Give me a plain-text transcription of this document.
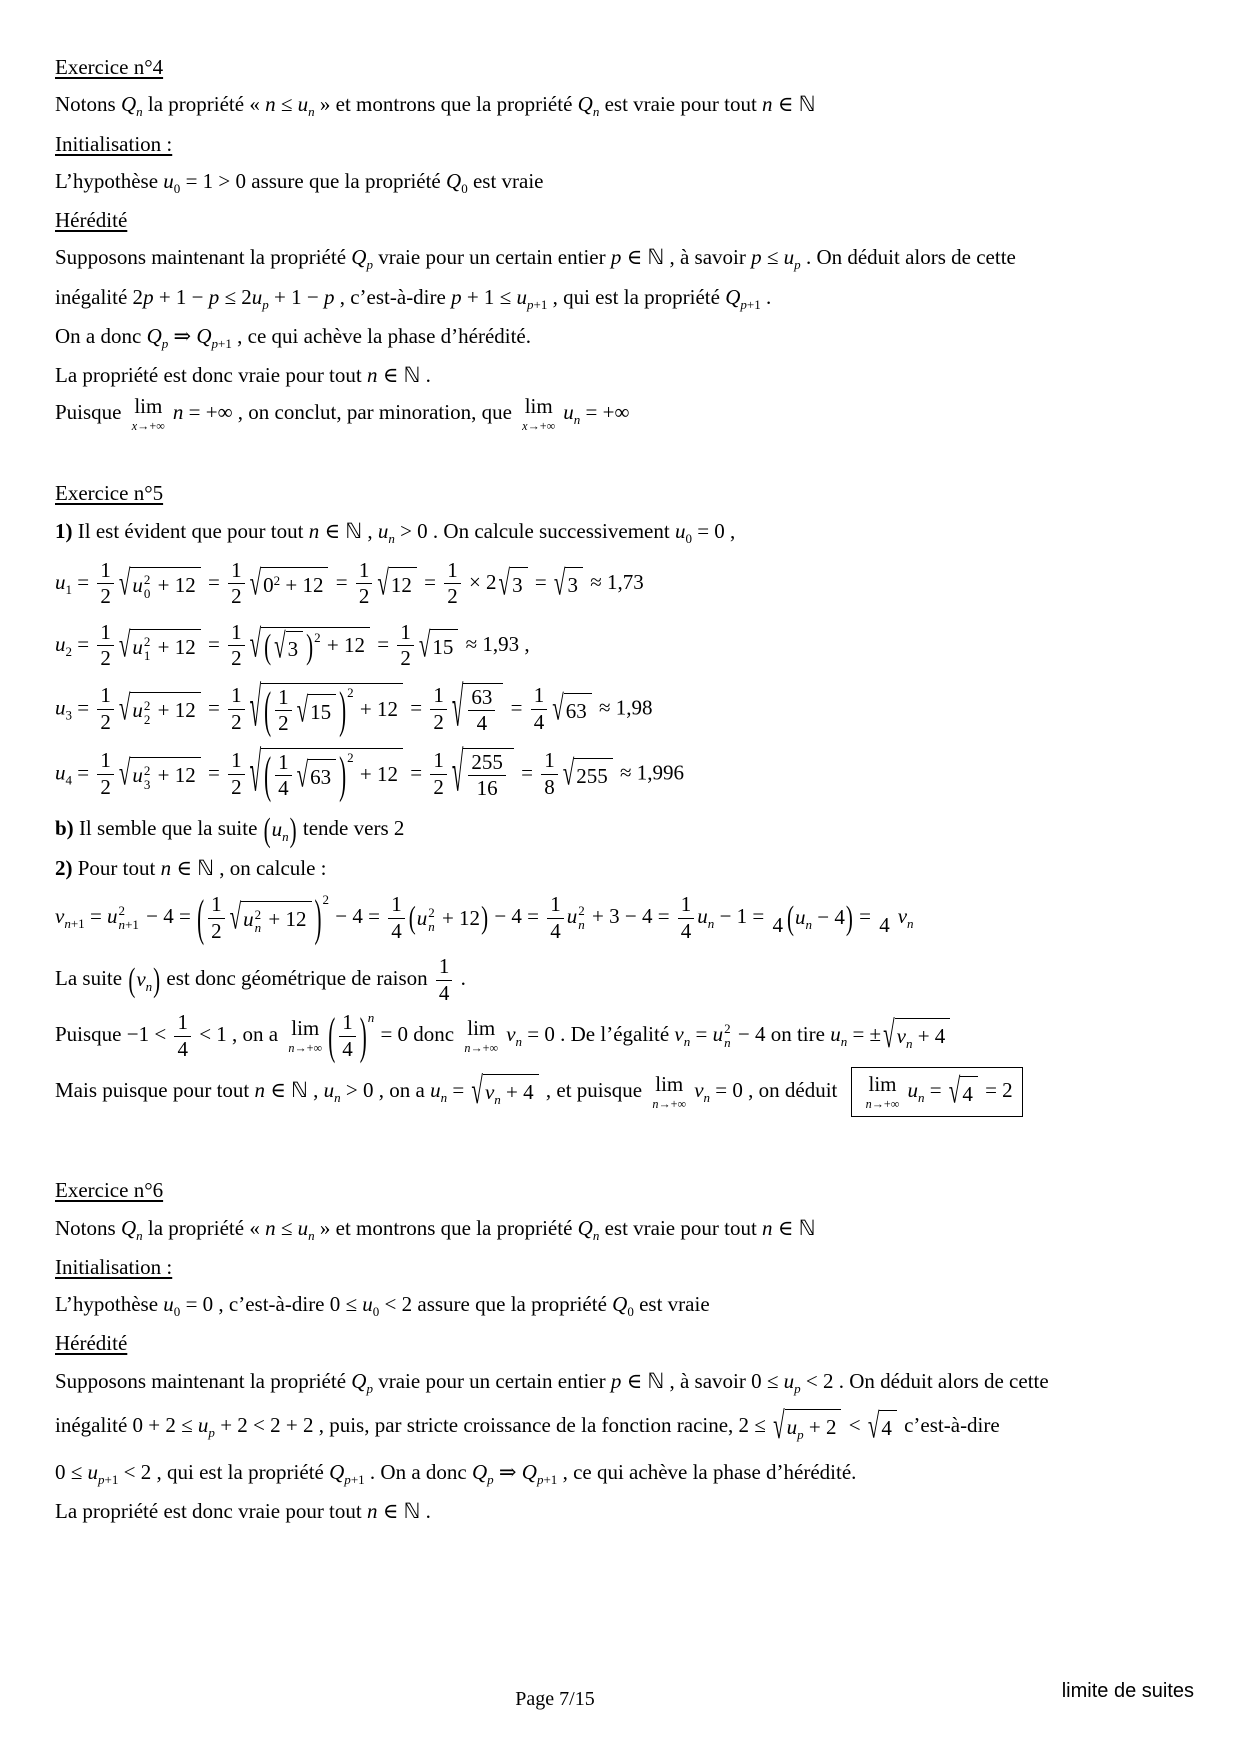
Exercice n°4
Notons $Q_n$ la propriété « $n \le u_n$ » et montrons que la propriété $Q_n$ est vraie pour tout n ∈ ℕ
Initialisation :
L’hypothèse $u_0 = 1 > 0$ assure que la propriété $Q_0$ est vraie
Hérédité
Supposons maintenant la propriété $Q_p$ vraie pour un certain entier p ∈ ℕ , à savoir $p \le u_p$ . On déduit alors de cette
inégalité $2p + 1 - p \le 2u_p + 1 - p$ , c’est-à-dire $p + 1 \le u_{p+1}$ , qui est la propriété $Q_{p+1}$ .
On a donc $Q_p$ ⇒ $Q_{p+1}$ , ce qui achève la phase d’hérédité.
La propriété est donc vraie pour tout n ∈ ℕ .
Puisque lim
x→+∞
n = +∞ , on conclut, par minoration, que lim
x→+∞
$u_n$ = +∞
Exercice n°5
1) Il est évident que pour tout n ∈ ℕ , $u_n > 0$ . On calcule successivement $u_0 = 0$ ,
$u_1 = \frac{1}{2}$ √ u 2
$0 + 12 = \frac{1}{2}$ √ $0^2 + 12 = \frac{1}{2}$ √ $12 = \frac{1}{2} \times 2$ √ 3 = √ 3 ≈ 1,73
$u_2 = \frac{1}{2}$ √ u 2
$1 + 12 = \frac{1}{2}$ √ ( √ 3 ) $2 + 12 = \frac{1}{2}$ √ 15 ≈ 1,93 ,
$u_3 = \frac{1}{2}$ √ u 2
$2 + 12 = \frac{1}{2}$ √ ( $\frac{1}{2}$ √ 15 ) 2
+ $12 = \frac{1}{2}$ √ $\frac{63}{4} = \frac{1}{4}$ √ 63 ≈ 1,98
$u_4 = \frac{1}{2}$ √ u 2
$3 + 12 = \frac{1}{2}$ √ ( $\frac{1}{4}$ √ 63 ) 2
+ $12 = \frac{1}{2}$ √ $\frac{255}{16} = \frac{1}{8}$ √ 255 ≈ 1,996
b) Il semble que la suite ( $u_n$ ) tende vers 2
2) Pour tout n ∈ ℕ , on calcule :
$v_{n+1} = u$ 2
n+1 − 4 = ( $\frac{1}{2}$ √ u 2
n + 12 ) 2
− $4 = \frac{1}{4}$ ( u 2
n + 12 ) − $4 = \frac{1}{4}$ u 2
$n + 3 - 4 = \frac{1}{4} u_n - 1 = 4$ ( $u_n - 4$ ) = 4 $v_n$
La suite ( $v_n$ ) est donc géométrique de raison $\frac{1}{4}$ .
Puisque $-1 < \frac{1}{4} < 1$ , on a lim
n→+∞ ( $\frac{1}{4}$ ) n
= 0 donc lim
n→+∞
$v_n = 0$ . De l’égalité $v_n = u$ 2
n − 4 on tire $u_n$ = ± √ $v_n + 4$
Mais puisque pour tout n ∈ ℕ , $u_n > 0$ , on a $u_n$ = √ $v_n + 4$ , et puisque lim
n→+∞
$v_n = 0$ , on déduit lim
n→+∞
$u_n$ = √ 4 = 2
Exercice n°6
Notons $Q_n$ la propriété « $n \le u_n$ » et montrons que la propriété $Q_n$ est vraie pour tout n ∈ ℕ
Initialisation :
L’hypothèse $u_0 = 0$ , c’est-à-dire $0 \le u_0 < 2$ assure que la propriété $Q_0$ est vraie
Hérédité
Supposons maintenant la propriété $Q_p$ vraie pour un certain entier p ∈ ℕ , à savoir $0 \le u_p < 2$ . On déduit alors de cette
inégalité $0 + 2 \le u_p + 2 < 2 + 2$ , puis, par stricte croissance de la fonction racine, 2 ≤ √ $u_p + 2$ < √ 4 c’est-à-dire
$0 \le u_{p+1} < 2$ , qui est la propriété $Q_{p+1}$ . On a donc $Q_p$ ⇒ $Q_{p+1}$ , ce qui achève la phase d’hérédité.
La propriété est donc vraie pour tout n ∈ ℕ .
Page 7/15	limite de suites
